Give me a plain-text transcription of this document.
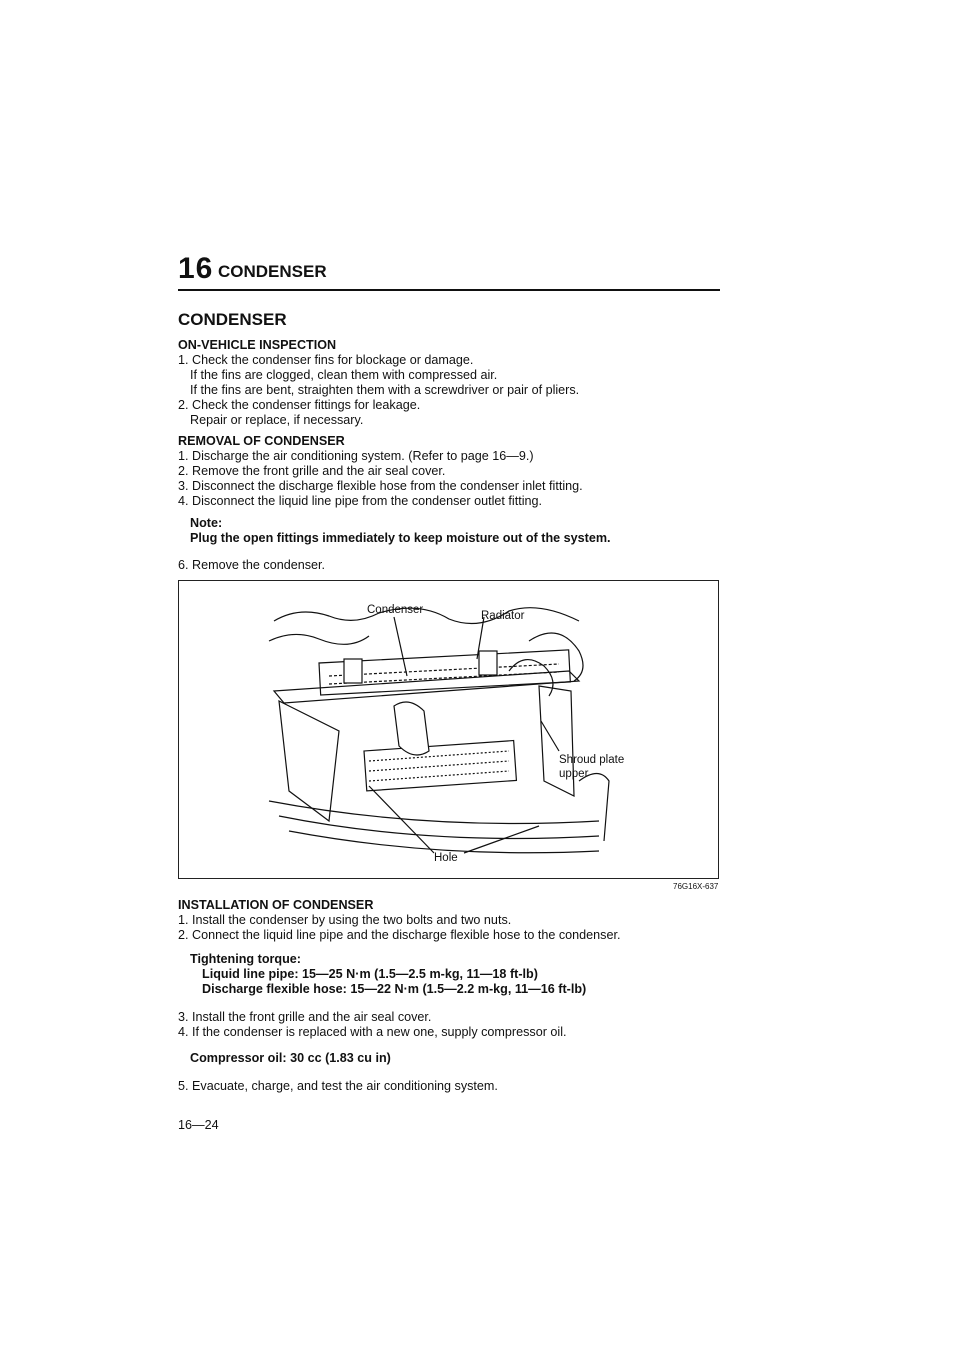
16 CONDENSER
CONDENSER
ON-VEHICLE INSPECTION
1. Check the condenser fins for blockage or damage.
If the fins are clogged, clean them with compressed air.
If the fins are bent, straighten them with a screwdriver or pair of pliers.
2. Check the condenser fittings for leakage.
Repair or replace, if necessary.
REMOVAL OF CONDENSER
1. Discharge the air conditioning system. (Refer to page 16—9.)
2. Remove the front grille and the air seal cover.
3. Disconnect the discharge flexible hose from the condenser inlet fitting.
4. Disconnect the liquid line pipe from the condenser outlet fitting.
Note:
Plug the open fittings immediately to keep moisture out of the system.
6. Remove the condenser.
Condenser	Radiator
Shroud plate
upper
Hole
76G16X-637
INSTALLATION OF CONDENSER
1. Install the condenser by using the two bolts and two nuts.
2. Connect the liquid line pipe and the discharge flexible hose to the condenser.
Tightening torque:
Liquid line pipe: 15—25 N·m (1.5—2.5 m-kg, 11—18 ft-lb)
Discharge flexible hose: 15—22 N·m (1.5—2.2 m-kg, 11—16 ft-lb)
3. Install the front grille and the air seal cover.
4. If the condenser is replaced with a new one, supply compressor oil.
Compressor oil: 30 cc (1.83 cu in)
5. Evacuate, charge, and test the air conditioning system.
16—24
